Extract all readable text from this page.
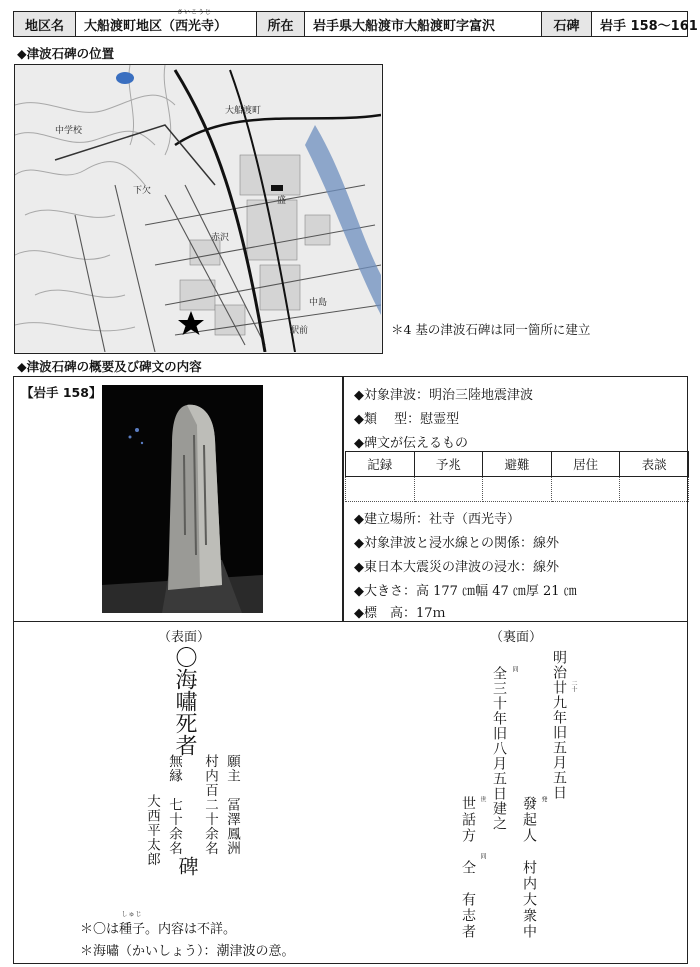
地区名	大船渡町地区（
さいこうじ
西光寺 ）	所在	岩手県大船渡市大船渡町字富沢	石碑	岩手 158〜161
◆津波石碑の位置
中学校
下欠
盛
赤沢
中島
大船渡町
駅前	＊4 基の津波石碑は同一箇所に建立
◆津波石碑の概要及び碑文の内容
【岩手 158】	◆対象津波：明治三陸地震津波
◆類　 型：慰霊型
◆碑文が伝えるもの
記録	予兆	避難	居住	表談

◆建立場所：社寺（西光寺）
◆対象津波と浸水線との関係：線外
◆東日本大震災の津波の浸水：線外
◆大きさ：高 177 ㎝幅 47 ㎝厚 21 ㎝
◆標　高：17ｍ
（表面）	（裏面）
〇海嘯死者
願主　冨澤鳳洲
村内百二十余名
無縁　七十余名
大西平太郎 碑
明治廿九年旧五月五日
全三十年旧八月五日建之
發起人　村内大衆中
世話方　仝　有志者
二十
同
発
世
同
＊〇は
しゅじ
種子。内容は不詳。
＊海嘯（かいしょう）：潮津波の意。
